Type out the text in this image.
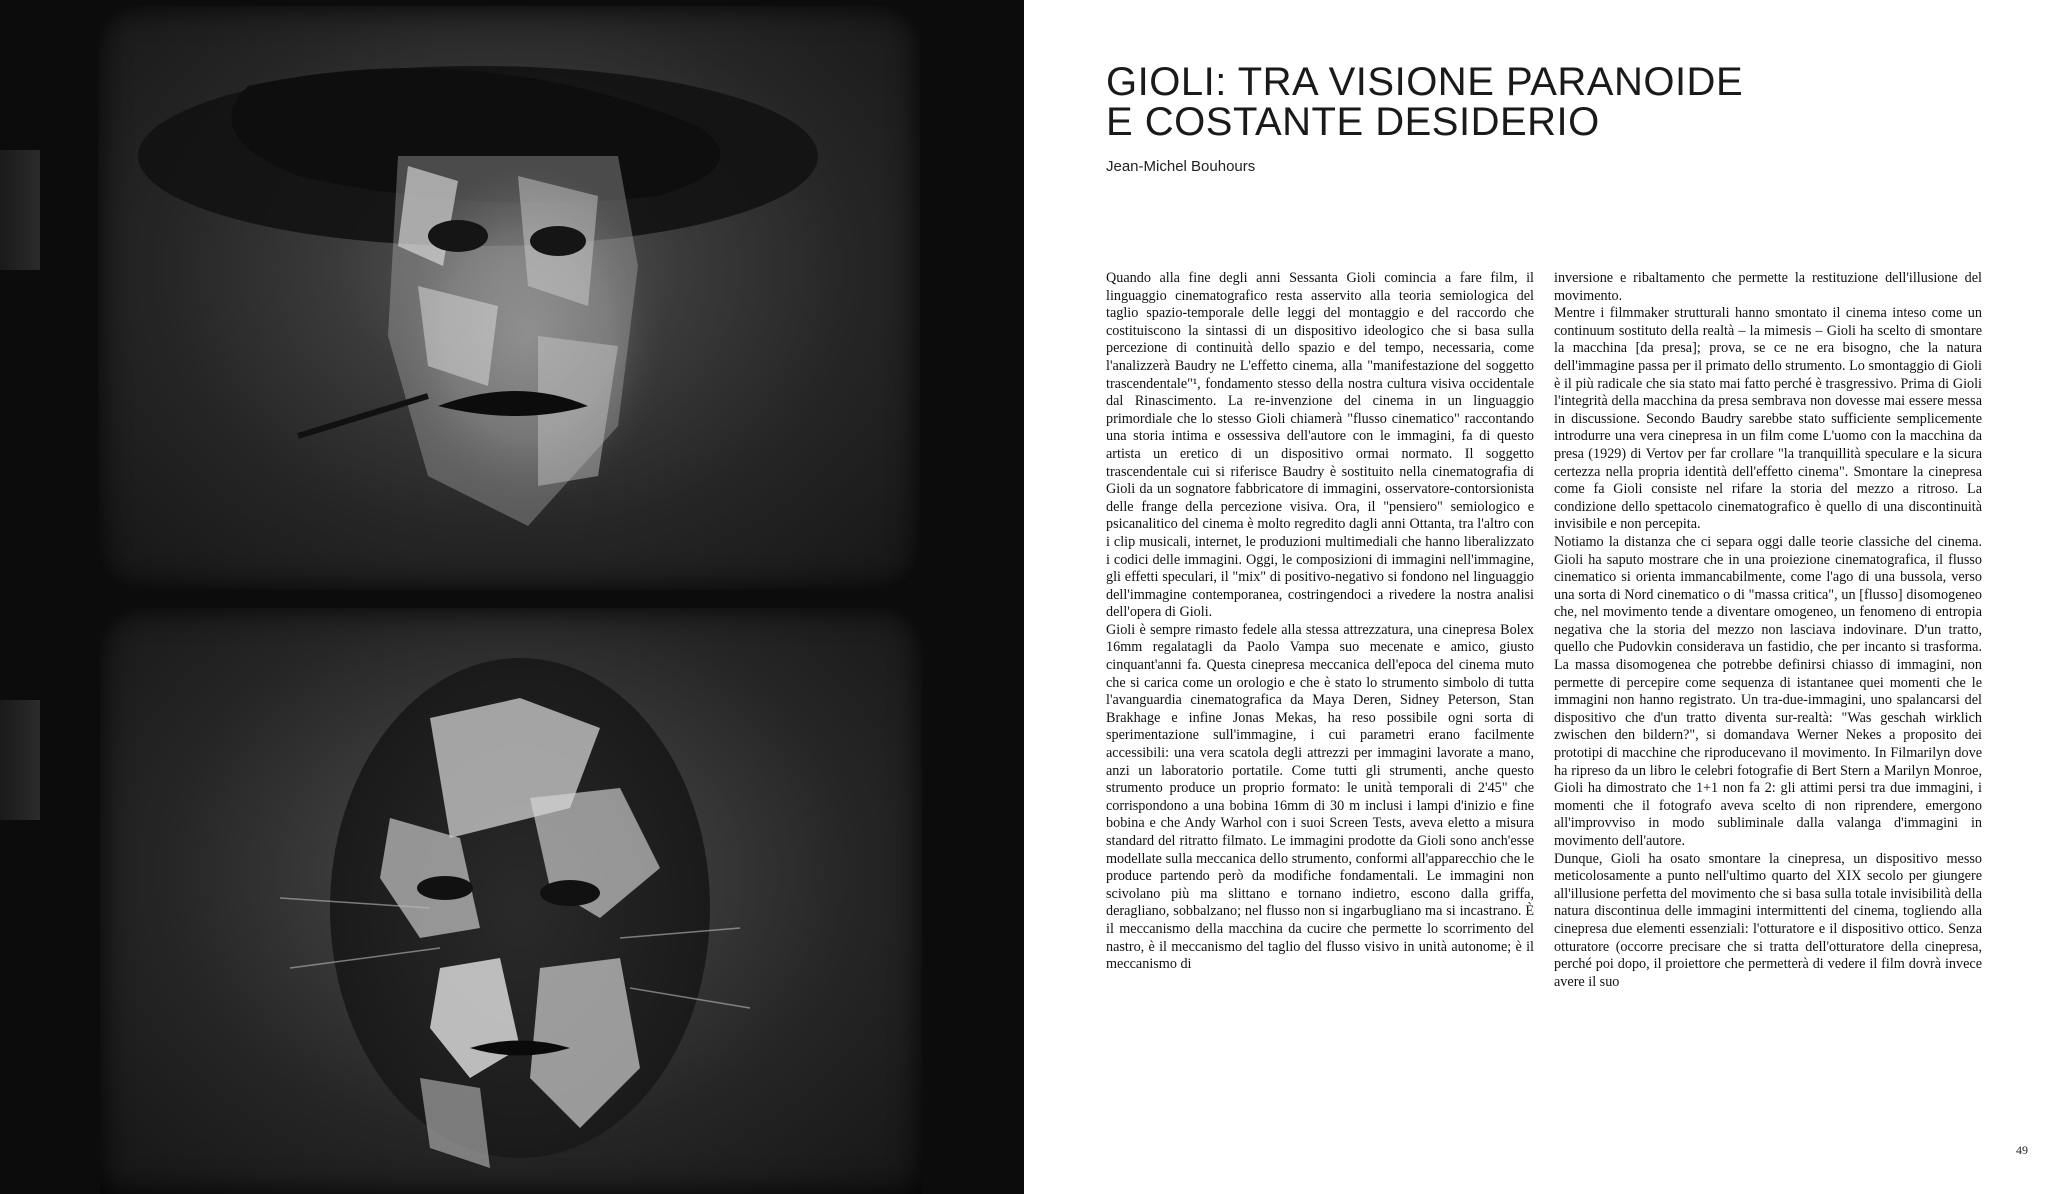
GIOLI: TRA VISIONE PARANOIDE
E COSTANTE DESIDERIO
Jean-Michel Bouhours

Quando alla fine degli anni Sessanta Gioli comincia a fare film, il linguaggio cinematografico resta asservito alla teoria semiologica del taglio spazio-temporale delle leggi del montaggio e del raccordo che costituiscono la sintassi di un dispositivo ideologico che si basa sulla percezione di continuità dello spazio e del tempo, necessaria, come l'analizzerà Baudry ne L'effetto cinema, alla "manifestazione del soggetto trascendentale"¹, fondamento stesso della nostra cultura visiva occidentale dal Rinascimento. La re-invenzione del cinema in un linguaggio primordiale che lo stesso Gioli chiamerà "flusso cinematico" raccontando una storia intima e ossessiva dell'autore con le immagini, fa di questo artista un eretico di un dispositivo ormai normato. Il soggetto trascendentale cui si riferisce Baudry è sostituito nella cinematografia di Gioli da un sognatore fabbricatore di immagini, osservatore-contorsionista delle frange della percezione visiva. Ora, il "pensiero" semiologico e psicanalitico del cinema è molto regredito dagli anni Ottanta, tra l'altro con i clip musicali, internet, le produzioni multimediali che hanno liberalizzato i codici delle immagini. Oggi, le composizioni di immagini nell'immagine, gli effetti speculari, il "mix" di positivo-negativo si fondono nel linguaggio dell'immagine contemporanea, costringendoci a rivedere la nostra analisi dell'opera di Gioli.

Gioli è sempre rimasto fedele alla stessa attrezzatura, una cinepresa Bolex 16mm regalatagli da Paolo Vampa suo mecenate e amico, giusto cinquant'anni fa. Questa cinepresa meccanica dell'epoca del cinema muto che si carica come un orologio e che è stato lo strumento simbolo di tutta l'avanguardia cinematografica da Maya Deren, Sidney Peterson, Stan Brakhage e infine Jonas Mekas, ha reso possibile ogni sorta di sperimentazione sull'immagine, i cui parametri erano facilmente accessibili: una vera scatola degli attrezzi per immagini lavorate a mano, anzi un laboratorio portatile. Come tutti gli strumenti, anche questo strumento produce un proprio formato: le unità temporali di 2'45" che corrispondono a una bobina 16mm di 30 m inclusi i lampi d'inizio e fine bobina e che Andy Warhol con i suoi Screen Tests, aveva eletto a misura standard del ritratto filmato. Le immagini prodotte da Gioli sono anch'esse modellate sulla meccanica dello strumento, conformi all'apparecchio che le produce partendo però da modifiche fondamentali. Le immagini non scivolano più ma slittano e tornano indietro, escono dalla griffa, deragliano, sobbalzano; nel flusso non si ingarbugliano ma si incastrano. È il meccanismo della macchina da cucire che permette lo scorrimento del nastro, è il meccanismo del taglio del flusso visivo in unità autonome; è il meccanismo di

inversione e ribaltamento che permette la restituzione dell'illusione del movimento.

Mentre i filmmaker strutturali hanno smontato il cinema inteso come un continuum sostituto della realtà – la mimesis – Gioli ha scelto di smontare la macchina [da presa]; prova, se ce ne era bisogno, che la natura dell'immagine passa per il primato dello strumento. Lo smontaggio di Gioli è il più radicale che sia stato mai fatto perché è trasgressivo. Prima di Gioli l'integrità della macchina da presa sembrava non dovesse mai essere messa in discussione. Secondo Baudry sarebbe stato sufficiente semplicemente introdurre una vera cinepresa in un film come L'uomo con la macchina da presa (1929) di Vertov per far crollare "la tranquillità speculare e la sicura certezza nella propria identità dell'effetto cinema". Smontare la cinepresa come fa Gioli consiste nel rifare la storia del mezzo a ritroso. La condizione dello spettacolo cinematografico è quello di una discontinuità invisibile e non percepita.

Notiamo la distanza che ci separa oggi dalle teorie classiche del cinema. Gioli ha saputo mostrare che in una proiezione cinematografica, il flusso cinematico si orienta immancabilmente, come l'ago di una bussola, verso una sorta di Nord cinematico o di "massa critica", un [flusso] disomogeneo che, nel movimento tende a diventare omogeneo, un fenomeno di entropia negativa che la storia del mezzo non lasciava indovinare. D'un tratto, quello che Pudovkin considerava un fastidio, che per incanto si trasforma. La massa disomogenea che potrebbe definirsi chiasso di immagini, non permette di percepire come sequenza di istantanee quei momenti che le immagini non hanno registrato. Un tra-due-immagini, uno spalancarsi del dispositivo che d'un tratto diventa sur-realtà: "Was geschah wirklich zwischen den bildern?", si domandava Werner Nekes a proposito dei prototipi di macchine che riproducevano il movimento. In Filmarilyn dove ha ripreso da un libro le celebri fotografie di Bert Stern a Marilyn Monroe, Gioli ha dimostrato che 1+1 non fa 2: gli attimi persi tra due immagini, i momenti che il fotografo aveva scelto di non riprendere, emergono all'improvviso in modo subliminale dalla valanga d'immagini in movimento dell'autore.

Dunque, Gioli ha osato smontare la cinepresa, un dispositivo messo meticolosamente a punto nell'ultimo quarto del XIX secolo per giungere all'illusione perfetta del movimento che si basa sulla totale invisibilità della natura discontinua delle immagini intermittenti del cinema, togliendo alla cinepresa due elementi essenziali: l'otturatore e il dispositivo ottico. Senza otturatore (occorre precisare che si tratta dell'otturatore della cinepresa, perché poi dopo, il proiettore che permetterà di vedere il film dovrà invece avere il suo

49
